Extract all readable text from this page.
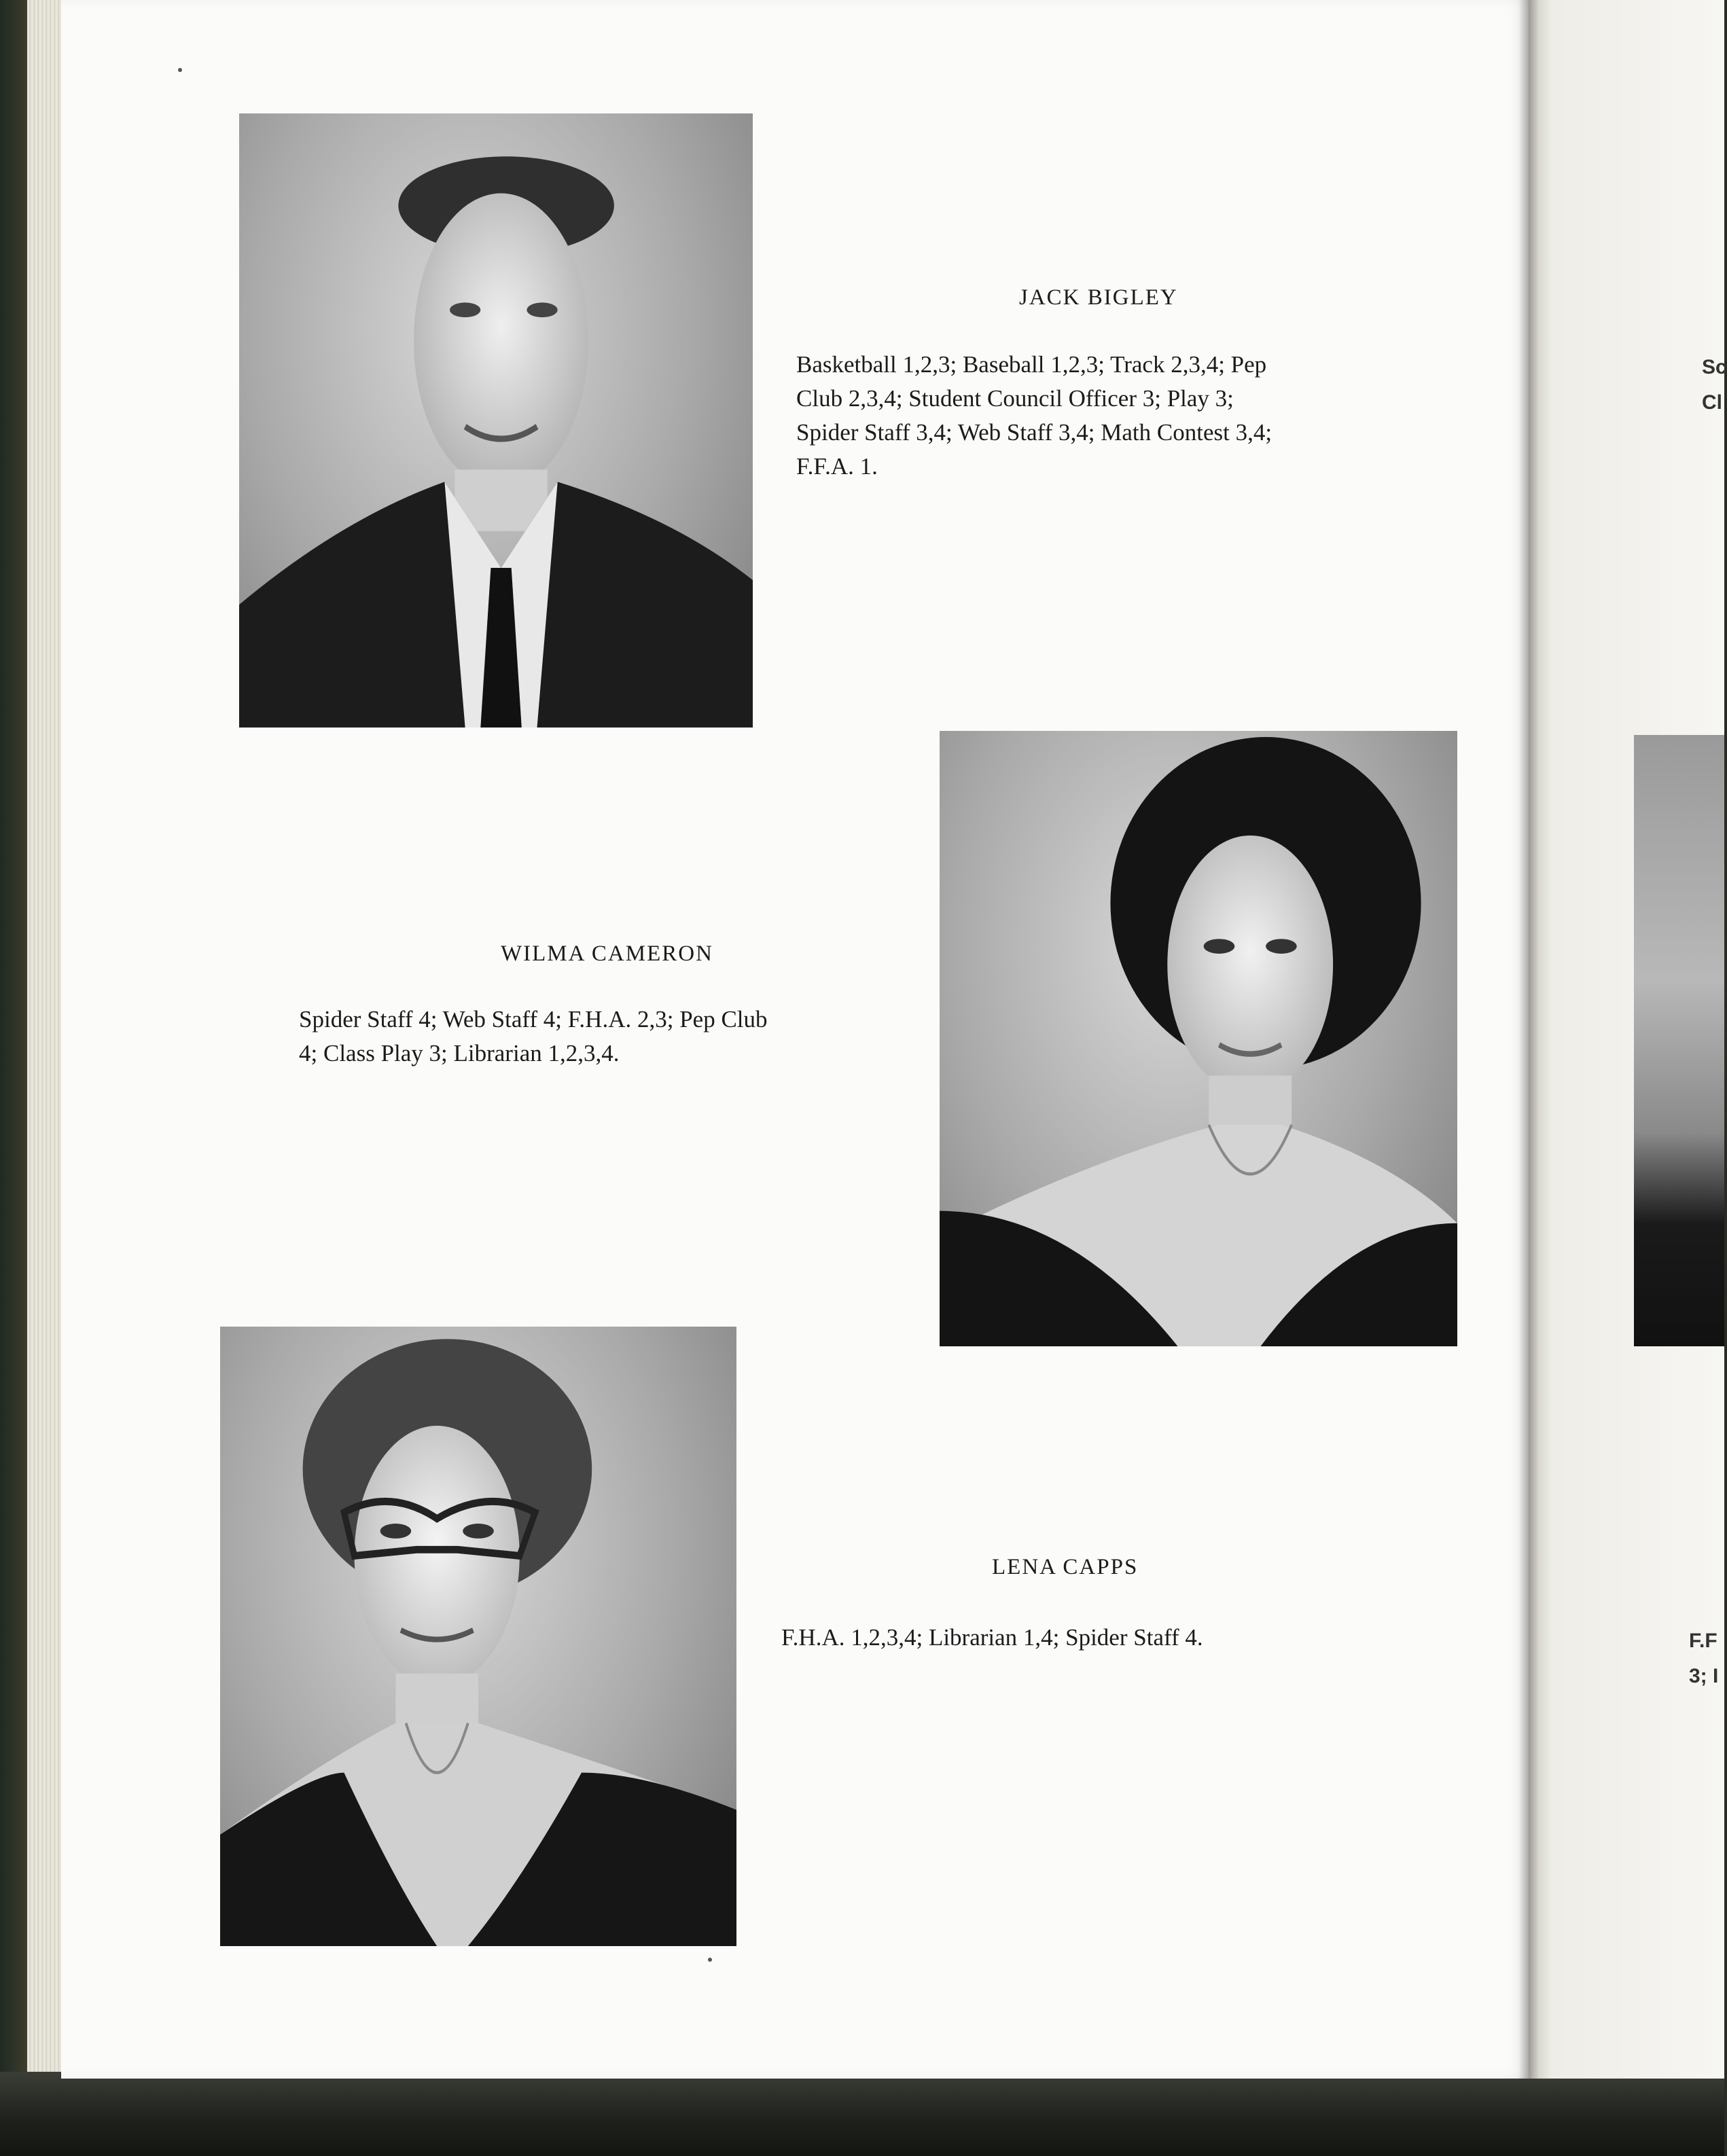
Sc
Cl
F.F
3; I
JACK BIGLEY
Basketball 1,2,3; Baseball 1,2,3; Track 2,3,4; Pep
Club 2,3,4; Student Council Officer 3; Play 3;
Spider Staff 3,4; Web Staff 3,4; Math Contest 3,4;
F.F.A. 1.
WILMA CAMERON
Spider Staff 4; Web Staff 4; F.H.A. 2,3; Pep Club
4; Class Play 3; Librarian 1,2,3,4.
LENA CAPPS
F.H.A. 1,2,3,4; Librarian 1,4; Spider Staff 4.
